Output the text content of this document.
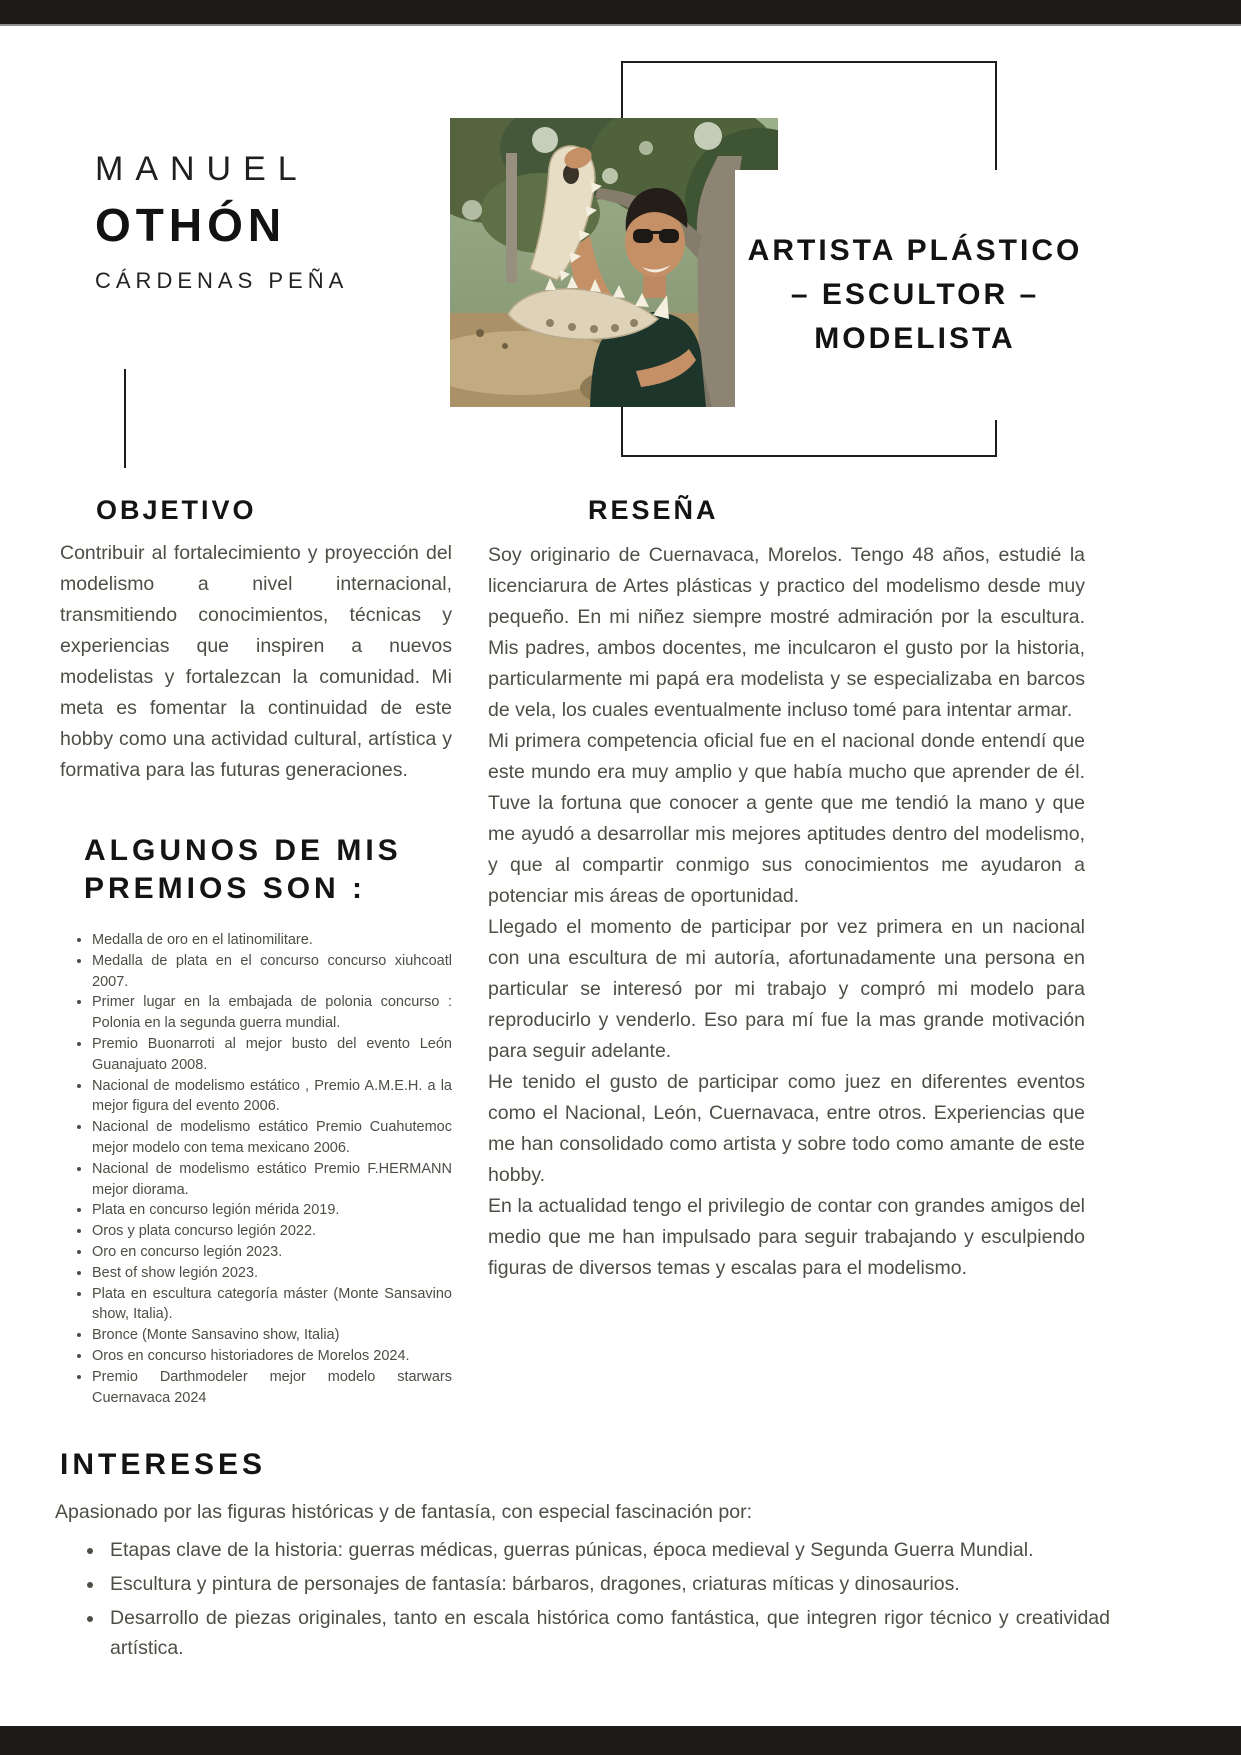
MANUEL
OTHÓN
CÁRDENAS PEÑA
ARTISTA PLÁSTICO
– ESCULTOR –
MODELISTA
OBJETIVO

Contribuir al fortalecimiento y proyección del modelismo a nivel internacional, transmitiendo conocimientos, técnicas y experiencias que inspiren a nuevos modelistas y fortalezcan la comunidad. Mi meta es fomentar la continuidad de este hobby como una actividad cultural, artística y formativa para las futuras generaciones.

ALGUNOS DE MIS
PREMIOS SON :
• Medalla de oro en el latinomilitare.
• Medalla de plata en el concurso concurso xiuhcoatl 2007.
• Primer lugar en la embajada de polonia concurso : Polonia en la segunda guerra mundial.
• Premio Buonarroti al mejor busto del evento León Guanajuato 2008.
• Nacional de modelismo estático , Premio A.M.E.H. a la mejor figura del evento 2006.
• Nacional de modelismo estático Premio Cuahutemoc mejor modelo con tema mexicano 2006.
• Nacional de modelismo estático Premio F.HERMANN mejor diorama.
• Plata en concurso legión mérida 2019.
• Oros y plata concurso legión 2022.
• Oro en concurso legión 2023.
• Best of show legión 2023.
• Plata en escultura categoría máster (Monte Sansavino show, Italia).
• Bronce (Monte Sansavino show, Italia)
• Oros en concurso historiadores de Morelos 2024.
• Premio Darthmodeler mejor modelo starwars Cuernavaca 2024
RESEÑA

Soy originario de Cuernavaca, Morelos. Tengo 48 años, estudié la licenciarura de Artes plásticas y practico del modelismo desde muy pequeño. En mi niñez siempre mostré admiración por la escultura. Mis padres, ambos docentes, me inculcaron el gusto por la historia, particularmente mi papá era modelista y se especializaba en barcos de vela, los cuales eventualmente incluso tomé para intentar armar.

Mi primera competencia oficial fue en el nacional donde entendí que este mundo era muy amplio y que había mucho que aprender de él. Tuve la fortuna que conocer a gente que me tendió la mano y que me ayudó a desarrollar mis mejores aptitudes dentro del modelismo, y que al compartir conmigo sus conocimientos me ayudaron a potenciar mis áreas de oportunidad.

Llegado el momento de participar por vez primera en un nacional con una escultura de mi autoría, afortunadamente una persona en particular se interesó por mi trabajo y compró mi modelo para reproducirlo y venderlo. Eso para mí fue la mas grande motivación para seguir adelante.

He tenido el gusto de participar como juez en diferentes eventos como el Nacional, León, Cuernavaca, entre otros. Experiencias que me han consolidado como artista y sobre todo como amante de este hobby.

En la actualidad tengo el privilegio de contar con grandes amigos del medio que me han impulsado para seguir trabajando y esculpiendo figuras de diversos temas y escalas para el modelismo.

INTERESES

Apasionado por las figuras históricas y de fantasía, con especial fascinación por:

• Etapas clave de la historia: guerras médicas, guerras púnicas, época medieval y Segunda Guerra Mundial.
• Escultura y pintura de personajes de fantasía: bárbaros, dragones, criaturas míticas y dinosaurios.
• Desarrollo de piezas originales, tanto en escala histórica como fantástica, que integren rigor técnico y creatividad artística.
